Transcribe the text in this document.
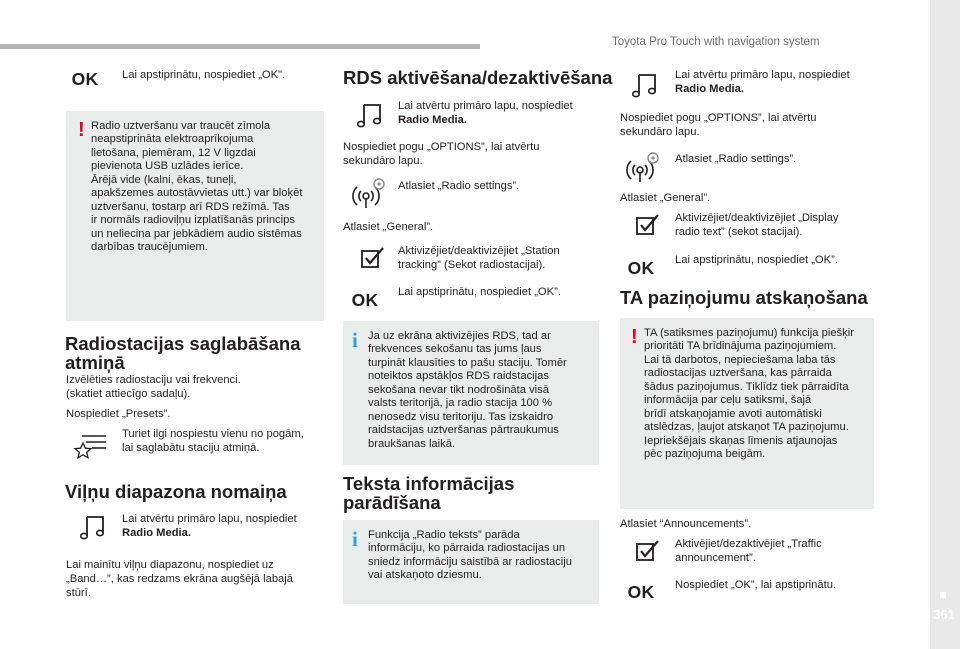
Toyota Pro Touch with navigation system
361
OK	Lai apstiprinātu, nospiediet „OK”.
! Radio uztveršanu var traucēt zīmola
neapstiprināta elektroaprīkojuma
lietošana, piemēram, 12 V ligzdai
pievienota USB uzlādes ierīce.
Ārējā vide (kalni, ēkas, tuneļi,
apakšzemes autostāvvietas utt.) var bloķēt
uztveršanu, tostarp arī RDS režīmā. Tas
ir normāls radioviļņu izplatīšanās princips
un neliecina par jebkādiem audio sistēmas
darbības traucējumiem.
Radiostacijas saglabāšana
atmiņā
Izvēlēties radiostaciju vai frekvenci.
(skatiet attiecīgo sadaļu).
Nospiediet „Presets”.
Turiet ilgi nospiestu vienu no pogām,
lai saglabātu staciju atmiņā.
Viļņu diapazona nomaiņa
Lai atvērtu primāro lapu, nospiediet
Radio Media.
Lai mainītu viļņu diapazonu, nospiediet uz
„Band…”, kas redzams ekrāna augšējā labajā
stūrī.
RDS aktivēšana/dezaktivēšana
Lai atvērtu primāro lapu, nospiediet
Radio Media.
Nospiediet pogu „OPTIONS”, lai atvērtu
sekundāro lapu.
Atlasiet „Radio settings”.
Atlasiet „General”.
Aktivizējiet/deaktivizējiet „Station
tracking” (Sekot radiostacijai).
OK	Lai apstiprinātu, nospiediet „OK”.
i Ja uz ekrāna aktivizējies RDS, tad ar
frekvences sekošanu tas jums ļaus
turpināt klausīties to pašu staciju. Tomēr
noteiktos apstākļos RDS raidstacijas
sekošana nevar tikt nodrošināta visā
valsts teritorijā, ja radio stacija 100 %
nenosedz visu teritoriju. Tas izskaidro
raidstacijas uztveršanas pārtraukumus
braukšanas laikā.
Teksta informācijas
parādīšana
i Funkcija „Radio teksts” parāda
informāciju, ko pārraida radiostacijas un
sniedz informāciju saistībā ar radiostaciju
vai atskaņoto dziesmu.
Lai atvērtu primāro lapu, nospiediet
Radio Media.
Nospiediet pogu „OPTIONS”, lai atvērtu
sekundāro lapu.
Atlasiet „Radio settings”.
Atlasiet „General”.
Aktivizējiet/deaktivizējiet „Display
radio text” (sekot stacijai).
OK	Lai apstiprinātu, nospiediet „OK”.
TA paziņojumu atskaņošana
! TA (satiksmes paziņojumu) funkcija piešķir
prioritāti TA brīdinājuma paziņojumiem.
Lai tā darbotos, nepieciešama laba tās
radiostacijas uztveršana, kas pārraida
šādus paziņojumus. Tiklīdz tiek pārraidīta
informācija par ceļu satiksmi, šajā
brīdī atskaņojamie avoti automātiski
atslēdzas, ļaujot atskaņot TA paziņojumu.
Iepriekšējais skaņas līmenis atjaunojas
pēc paziņojuma beigām.
Atlasiet “Announcements”.
Aktivējiet/dezaktivējiet „Traffic
announcement”.
OK	Nospiediet „OK”, lai apstiprinātu.
